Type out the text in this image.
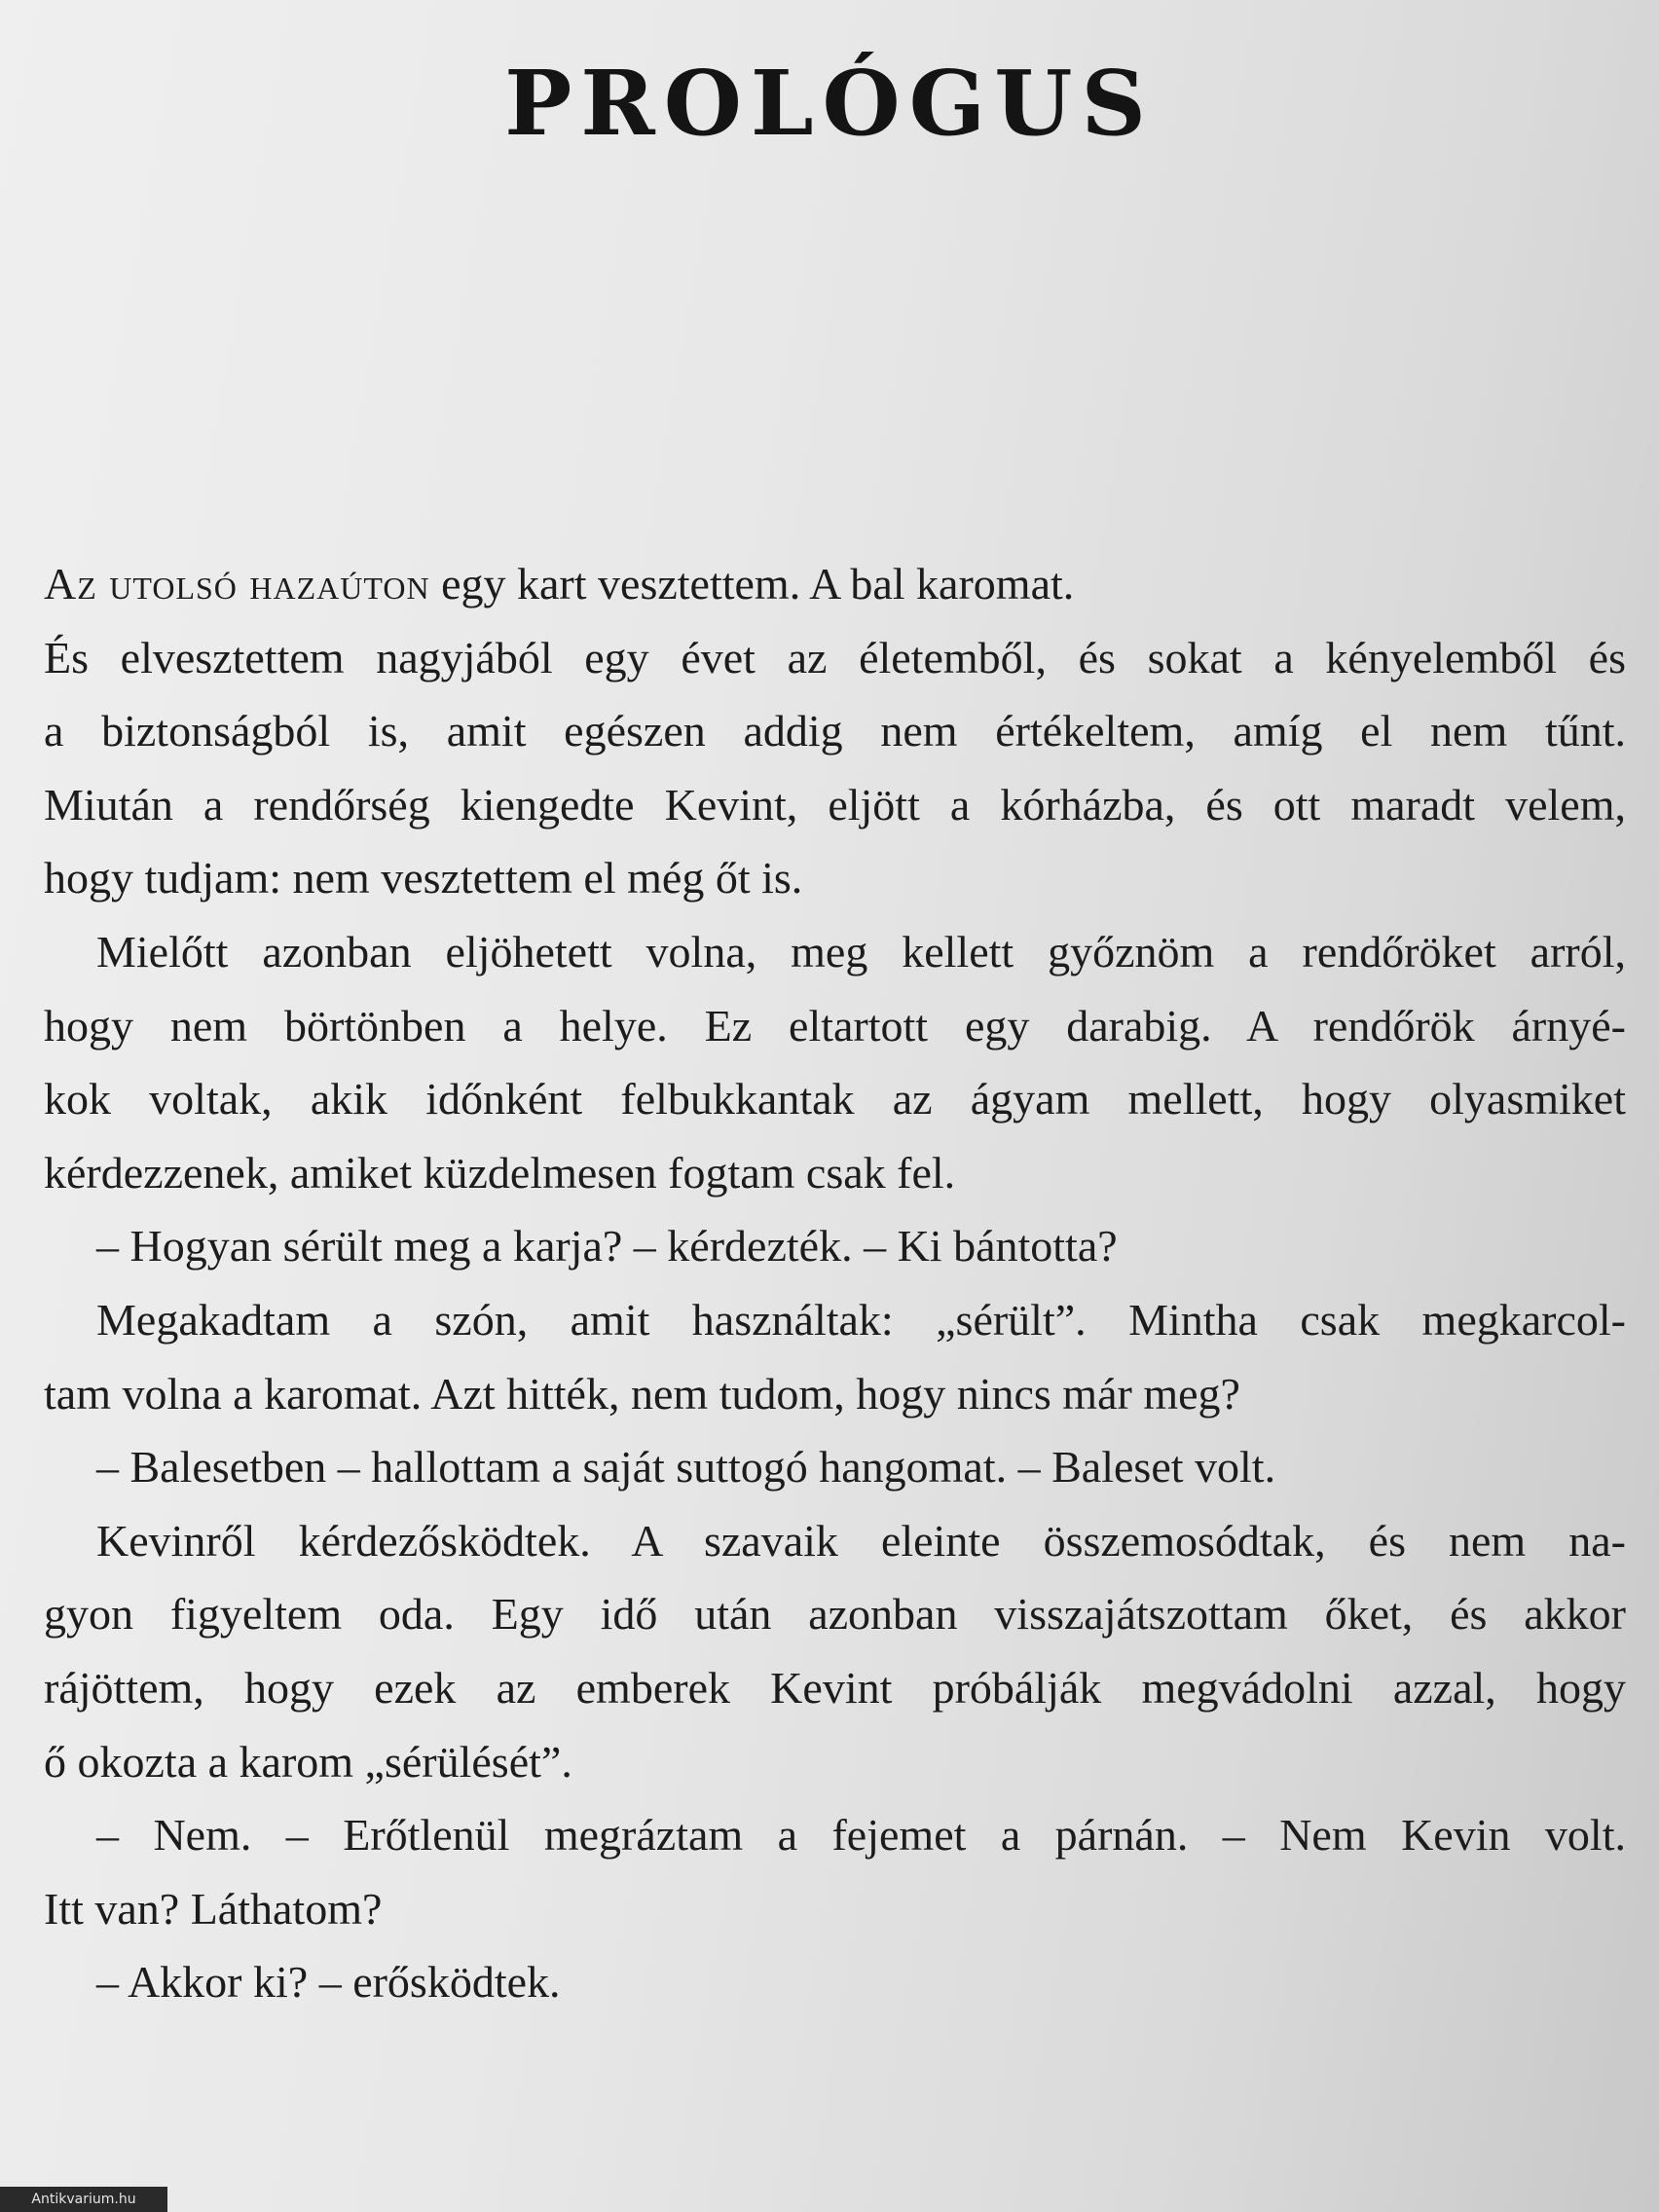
PROLÓGUS
Az utolsó hazaúton egy kart vesztettem. A bal karomat.
És elvesztettem nagyjából egy évet az életemből, és sokat a kényelemből és
a biztonságból is, amit egészen addig nem értékeltem, amíg el nem tűnt.
Miután a rendőrség kiengedte Kevint, eljött a kórházba, és ott maradt velem,
hogy tudjam: nem vesztettem el még őt is.
Mielőtt azonban eljöhetett volna, meg kellett győznöm a rendőröket arról,
hogy nem börtönben a helye. Ez eltartott egy darabig. A rendőrök árnyé-
kok voltak, akik időnként felbukkantak az ágyam mellett, hogy olyasmiket
kérdezzenek, amiket küzdelmesen fogtam csak fel.
– Hogyan sérült meg a karja? – kérdezték. – Ki bántotta?
Megakadtam a szón, amit használtak: „sérült”. Mintha csak megkarcol-
tam volna a karomat. Azt hitték, nem tudom, hogy nincs már meg?
– Balesetben – hallottam a saját suttogó hangomat. – Baleset volt.
Kevinről kérdezősködtek. A szavaik eleinte összemosódtak, és nem na-
gyon figyeltem oda. Egy idő után azonban visszajátszottam őket, és akkor
rájöttem, hogy ezek az emberek Kevint próbálják megvádolni azzal, hogy
ő okozta a karom „sérülését”.
– Nem. – Erőtlenül megráztam a fejemet a párnán. – Nem Kevin volt.
Itt van? Láthatom?
– Akkor ki? – erősködtek.
Antikvarium.hu
